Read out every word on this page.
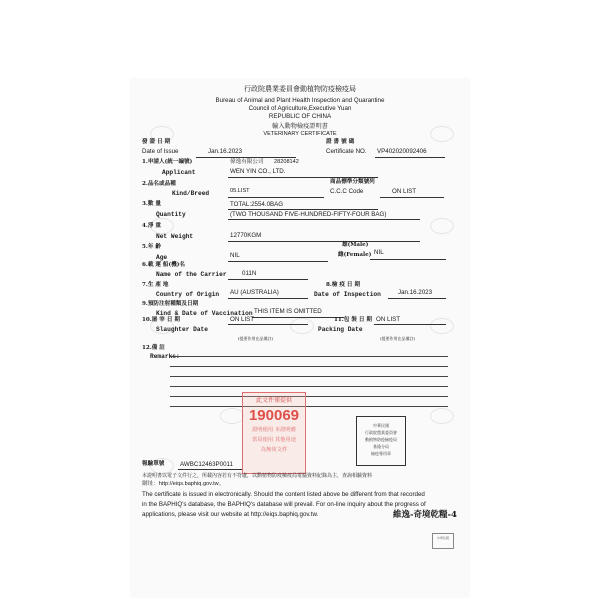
行政院農業委員會動植物防疫檢疫局
Bureau of Animal and Plant Health Inspection and Quarantine
Council of Agriculture,Executive Yuan
REPUBLIC OF CHINA
輸入動物檢疫證明書
VETERINARY CERTIFICATE
發 證 日 期
Date of Issue	Jan.16.2023
證 書 號 碼
Certificate NO. VP402020092406
1.申請人(統一編號)	偉逸有限公司 28208142
Applicant	WEN YIN CO., LTD.
2.品名或品種
Kind/Breed	05.LIST
商品標準分類號列
C.C.C Code	ON LIST
3.數 量	TOTAL:2554.0BAG
Quantity	(TWO THOUSAND FIVE-HUNDRED-FIFTY-FOUR BAG)
4.淨 重
Net Weight	12770KGM
5.年 齡
Age	NIL
雄(Male)
雌(Female) NIL
6.載 運 船(機)名
Name of the Carrier 011N
7.生 產 地
Country of Origin AU (AUSTRALIA)
8.檢 疫 日 期
Date of Inspection	Jan.16.2023
9.預防注射種類及日期
Kind & Date of Vaccination THIS ITEM IS OMITTED
10.屠 宰 日 期	ON LIST
Slaughter Date
(提要作用在品備註)
11.包 裝 日 期 ON LIST
Packing Date
(提要作用在品備註)
12.備 註
Remarks:
此文件僅提供
190069
證明使用 本證明應
當局使用 其他用途
為無效文件
中華民國
行政院農業委員會
動植物防疫檢疫局
基隆分局
檢疫專用章
報驗單號	AWBC12463P0011
本證明書以電子文件行之，所載內容若有不符處，以動植物防疫檢疫局電腦資料紀錄為主，查詢相驗資料
網址：http://eiqs.baphiq.gov.tw。
The certificate is issued in electronically. Should the content listed above be different from that recorded
in the BAPHIQ's database, the BAPHIQ's database will prevail. For on-line inquiry about the progress of
applications, please visit our website at http://eiqs.baphiq.gov.tw.
中華民國
維逸-奇境乾糧-4
